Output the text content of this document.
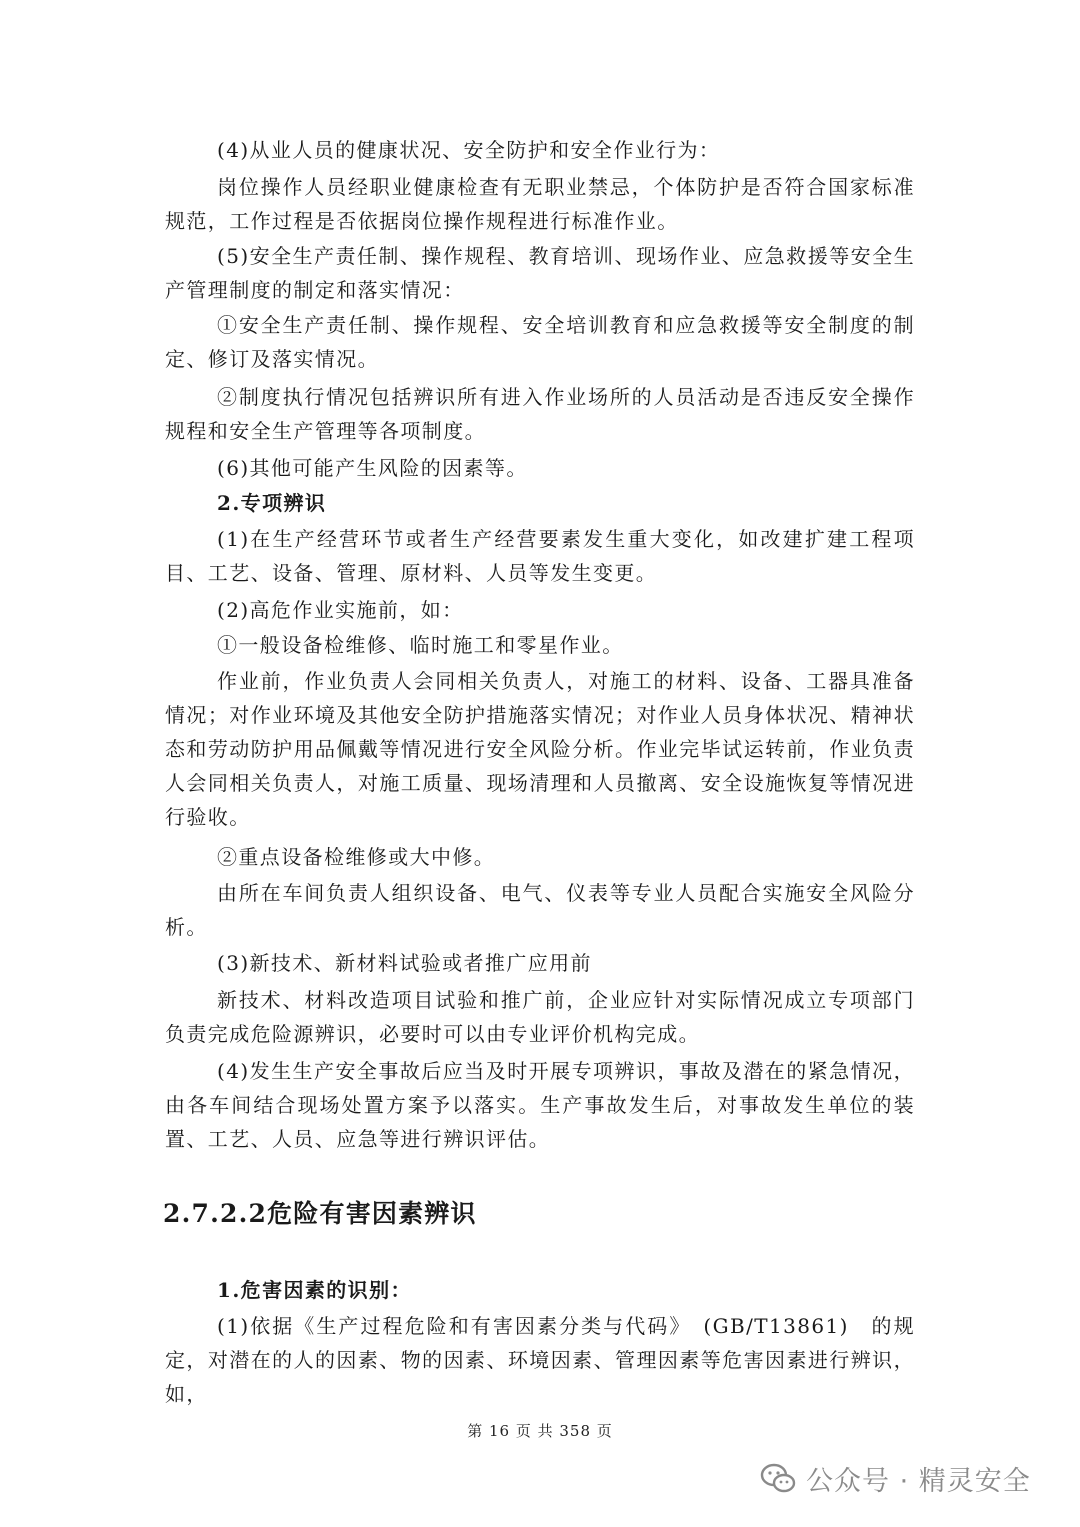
(4)从业人员的健康状况、安全防护和安全作业行为：

岗位操作人员经职业健康检查有无职业禁忌，个体防护是否符合国家标准规范，工作过程是否依据岗位操作规程进行标准作业。

(5)安全生产责任制、操作规程、教育培训、现场作业、应急救援等安全生产管理制度的制定和落实情况：

①安全生产责任制、操作规程、安全培训教育和应急救援等安全制度的制定、修订及落实情况。

②制度执行情况包括辨识所有进入作业场所的人员活动是否违反安全操作规程和安全生产管理等各项制度。

(6)其他可能产生风险的因素等。

2.专项辨识

(1)在生产经营环节或者生产经营要素发生重大变化，如改建扩建工程项目、工艺、设备、管理、原材料、人员等发生变更。

(2)高危作业实施前，如：

①一般设备检维修、临时施工和零星作业。

作业前，作业负责人会同相关负责人，对施工的材料、设备、工器具准备情况；对作业环境及其他安全防护措施落实情况；对作业人员身体状况、精神状态和劳动防护用品佩戴等情况进行安全风险分析。作业完毕试运转前，作业负责人会同相关负责人，对施工质量、现场清理和人员撤离、安全设施恢复等情况进行验收。

②重点设备检维修或大中修。

由所在车间负责人组织设备、电气、仪表等专业人员配合实施安全风险分析。

(3)新技术、新材料试验或者推广应用前

新技术、材料改造项目试验和推广前，企业应针对实际情况成立专项部门负责完成危险源辨识，必要时可以由专业评价机构完成。

(4)发生生产安全事故后应当及时开展专项辨识，事故及潜在的紧急情况，由各车间结合现场处置方案予以落实。生产事故发生后，对事故发生单位的装置、工艺、人员、应急等进行辨识评估。

2.7.2.2危险有害因素辨识

1.危害因素的识别：

(1)依据《生产过程危险和有害因素分类与代码》　(GB/T13861)　的规定，对潜在的人的因素、物的因素、环境因素、管理因素等危害因素进行辨识，如，

第 16 页 共 358 页
公众号 · 精灵安全
